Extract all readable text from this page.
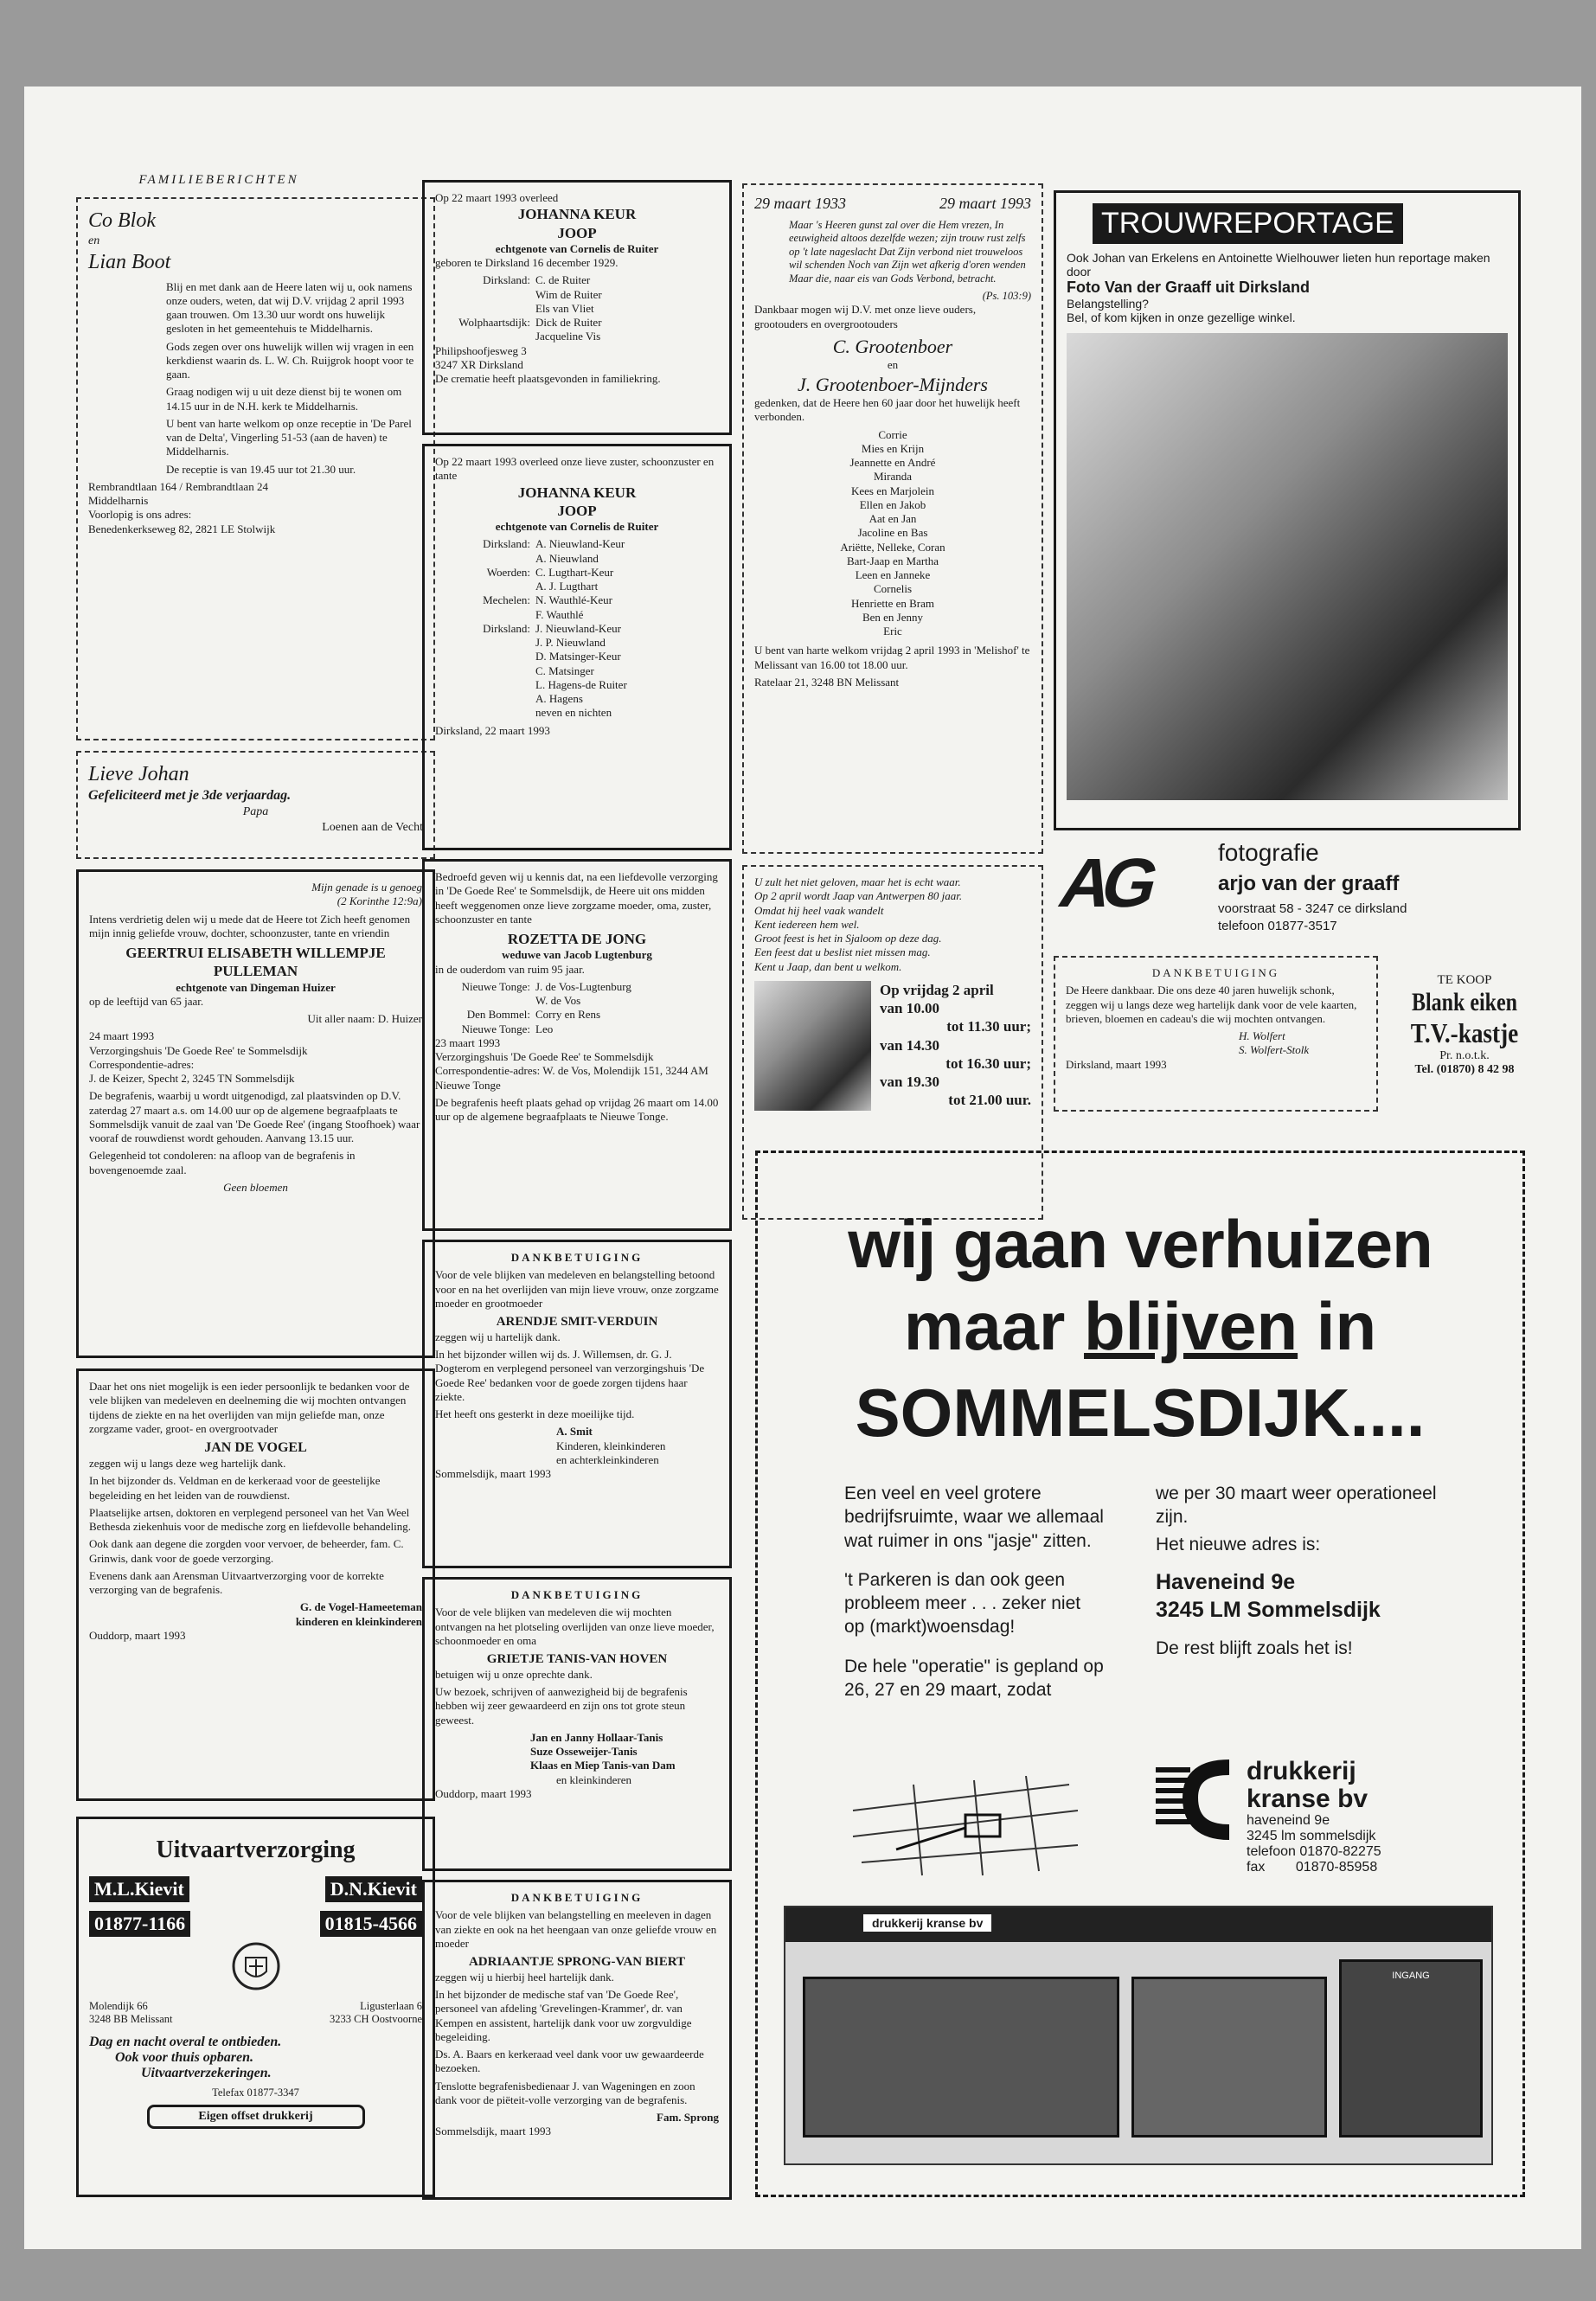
FAMILIEBERICHTEN
Co Blok
en
Lian Boot

Blij en met dank aan de Heere laten wij u, ook namens onze ouders, weten, dat wij D.V. vrijdag 2 april 1993 gaan trouwen. Om 13.30 uur wordt ons huwelijk gesloten in het gemeentehuis te Middelharnis.

Gods zegen over ons huwelijk willen wij vragen in een kerkdienst waarin ds. L. W. Ch. Ruijgrok hoopt voor te gaan.

Graag nodigen wij u uit deze dienst bij te wonen om 14.15 uur in de N.H. kerk te Middelharnis.

U bent van harte welkom op onze receptie in 'De Parel van de Delta', Vingerling 51-53 (aan de haven) te Middelharnis.

De receptie is van 19.45 uur tot 21.30 uur.

Rembrandtlaan 164 / Rembrandtlaan 24
Middelharnis
Voorlopig is ons adres:
Benedenkerkseweg 82, 2821 LE Stolwijk
Lieve Johan
Gefeliciteerd met je 3de verjaardag.
Papa
Loenen aan de Vecht
Mijn genade is u genoeg
(2 Korinthe 12:9a)

Intens verdrietig delen wij u mede dat de Heere tot Zich heeft genomen mijn innig geliefde vrouw, dochter, schoonzuster, tante en vriendin

GEERTRUI ELISABETH WILLEMPJE PULLEMAN
echtgenote van Dingeman Huizer

op de leeftijd van 65 jaar.

Uit aller naam: D. Huizer

24 maart 1993
Verzorgingshuis 'De Goede Ree' te Sommelsdijk
Correspondentie-adres:

J. de Keizer, Specht 2, 3245 TN Sommelsdijk

De begrafenis, waarbij u wordt uitgenodigd, zal plaatsvinden op D.V. zaterdag 27 maart a.s. om 14.00 uur op de algemene begraafplaats te Sommelsdijk vanuit de zaal van 'De Goede Ree' (ingang Stoofhoek) waar vooraf de rouwdienst wordt gehouden. Aanvang 13.15 uur.

Gelegenheid tot condoleren: na afloop van de begrafenis in bovengenoemde zaal.

Geen bloemen

Daar het ons niet mogelijk is een ieder persoonlijk te bedanken voor de vele blijken van medeleven en deelneming die wij mochten ontvangen tijdens de ziekte en na het overlijden van mijn geliefde man, onze zorgzame vader, groot- en overgrootvader

JAN DE VOGEL

zeggen wij u langs deze weg hartelijk dank.

In het bijzonder ds. Veldman en de kerkeraad voor de geestelijke begeleiding en het leiden van de rouwdienst.

Plaatselijke artsen, doktoren en verplegend personeel van het Van Weel Bethesda ziekenhuis voor de medische zorg en liefdevolle behandeling.

Ook dank aan degene die zorgden voor vervoer, de beheerder, fam. C. Grinwis, dank voor de goede verzorging.

Evenens dank aan Arensman Uitvaartverzorging voor de korrekte verzorging van de begrafenis.

G. de Vogel-Hameeteman
kinderen en kleinkinderen
Ouddorp, maart 1993
Uitvaartverzorging
M.L.Kievit	D.N.Kievit
01877-1166	01815-4566
Molendijk 66
3248 BB Melissant
Ligusterlaan 6
3233 CH Oostvoorne
Dag en nacht overal te ontbieden.
Ook voor thuis opbaren.
Uitvaartverzekeringen.
Telefax 01877-3347
Eigen offset drukkerij
Op 22 maart 1993 overleed
JOHANNA KEUR
JOOP
echtgenote van Cornelis de Ruiter
geboren te Dirksland 16 december 1929.
Dirksland: C. de Ruiter
Wim de Ruiter
Els van Vliet
Wolphaartsdijk: Dick de Ruiter
Jacqueline Vis
Philipshoofjesweg 3
3247 XR Dirksland
De crematie heeft plaatsgevonden in familiekring.
Op 22 maart 1993 overleed onze lieve zuster, schoonzuster en tante
JOHANNA KEUR
JOOP
echtgenote van Cornelis de Ruiter
Dirksland: A. Nieuwland-Keur
A. Nieuwland
Woerden: C. Lugthart-Keur
A. J. Lugthart
Mechelen: N. Wauthlé-Keur
F. Wauthlé
Dirksland: J. Nieuwland-Keur
J. P. Nieuwland
D. Matsinger-Keur
C. Matsinger
L. Hagens-de Ruiter
A. Hagens
neven en nichten
Dirksland, 22 maart 1993

Bedroefd geven wij u kennis dat, na een liefdevolle verzorging in 'De Goede Ree' te Sommelsdijk, de Heere uit ons midden heeft weggenomen onze lieve zorgzame moeder, oma, zuster, schoonzuster en tante

ROZETTA DE JONG
weduwe van Jacob Lugtenburg

in de ouderdom van ruim 95 jaar.

Nieuwe Tonge: J. de Vos-Lugtenburg
W. de Vos
Den Bommel: Corry en Rens
Nieuwe Tonge: Leo
23 maart 1993
Verzorgingshuis 'De Goede Ree' te Sommelsdijk

Correspondentie-adres: W. de Vos, Molendijk 151, 3244 AM Nieuwe Tonge

De begrafenis heeft plaats gehad op vrijdag 26 maart om 14.00 uur op de algemene begraafplaats te Nieuwe Tonge.

DANKBETUIGING

Voor de vele blijken van medeleven en belangstelling betoond voor en na het overlijden van mijn lieve vrouw, onze zorgzame moeder en grootmoeder

ARENDJE SMIT-VERDUIN

zeggen wij u hartelijk dank.

In het bijzonder willen wij ds. J. Willemsen, dr. G. J. Dogterom en verplegend personeel van verzorgingshuis 'De Goede Ree' bedanken voor de goede zorgen tijdens haar ziekte.

Het heeft ons gesterkt in deze moeilijke tijd.

A. Smit
Kinderen, kleinkinderen
en achterkleinkinderen
Sommelsdijk, maart 1993
DANKBETUIGING

Voor de vele blijken van medeleven die wij mochten ontvangen na het plotseling overlijden van onze lieve moeder, schoonmoeder en oma

GRIETJE TANIS-VAN HOVEN

betuigen wij u onze oprechte dank.

Uw bezoek, schrijven of aanwezigheid bij de begrafenis hebben wij zeer gewaardeerd en zijn ons tot grote steun geweest.

Jan en Janny Hollaar-Tanis
Suze Osseweijer-Tanis
Klaas en Miep Tanis-van Dam
en kleinkinderen
Ouddorp, maart 1993
DANKBETUIGING

Voor de vele blijken van belangstelling en meeleven in dagen van ziekte en ook na het heengaan van onze geliefde vrouw en moeder

ADRIAANTJE SPRONG-VAN BIERT

zeggen wij u hierbij heel hartelijk dank.

In het bijzonder de medische staf van 'De Goede Ree', personeel van afdeling 'Grevelingen-Krammer', dr. van Kempen en assistent, hartelijk dank voor uw zorgvuldige begeleiding.

Ds. A. Baars en kerkeraad veel dank voor uw gewaardeerde bezoeken.

Tenslotte begrafenisbedienaar J. van Wageningen en zoon dank voor de piëteit-volle verzorging van de begrafenis.

Fam. Sprong
Sommelsdijk, maart 1993
29 maart 1933	29 maart 1993

Maar 's Heeren gunst zal over die Hem vrezen, In eeuwigheid altoos dezelfde wezen; zijn trouw rust zelfs op 't late nageslacht Dat Zijn verbond niet trouweloos wil schenden Noch van Zijn wet afkerig d'oren wenden Maar die, naar eis van Gods Verbond, betracht.

(Ps. 103:9)

Dankbaar mogen wij D.V. met onze lieve ouders, grootouders en overgrootouders

C. Grootenboer
en
J. Grootenboer-Mijnders

gedenken, dat de Heere hen 60 jaar door het huwelijk heeft verbonden.

Corrie
Mies en Krijn
Jeannette en André
Miranda
Kees en Marjolein
Ellen en Jakob
Aat en Jan
Jacoline en Bas
Ariëtte, Nelleke, Coran
Bart-Jaap en Martha
Leen en Janneke
Cornelis
Henriette en Bram
Ben en Jenny
Eric

U bent van harte welkom vrijdag 2 april 1993 in 'Melishof' te Melissant van 16.00 tot 18.00 uur.

Ratelaar 21, 3248 BN Melissant
U zult het niet geloven, maar het is echt waar.
Op 2 april wordt Jaap van Antwerpen 80 jaar.
Omdat hij heel vaak wandelt
Kent iedereen hem wel.
Groot feest is het in Sjaloom op deze dag.
Een feest dat u beslist niet missen mag.
Kent u Jaap, dan bent u welkom.
Op vrijdag 2 april
van 10.00
tot 11.30 uur;
van 14.30
tot 16.30 uur;
van 19.30
tot 21.00 uur.
TROUWREPORTAGE
Ook Johan van Erkelens en Antoinette Wielhouwer lieten hun reportage maken door
Foto Van der Graaff uit Dirksland
Belangstelling?
Bel, of kom kijken in onze gezellige winkel.
AG fotografie
arjo van der graaff
voorstraat 58 - 3247 ce dirksland
telefoon 01877-3517
DANKBETUIGING

De Heere dankbaar. Die ons deze 40 jaren huwelijk schonk, zeggen wij u langs deze weg hartelijk dank voor de vele kaarten, brieven, bloemen en cadeau's die wij mochten ontvangen.

H. Wolfert
S. Wolfert-Stolk
Dirksland, maart 1993
TE KOOP
Blank eiken
T.V.-kastje
Pr. n.o.t.k.
Tel. (01870) 8 42 98
wij gaan verhuizen
maar blijven in
SOMMELSDIJK....

Een veel en veel grotere bedrijfsruimte, waar we allemaal wat ruimer in ons "jasje" zitten.

't Parkeren is dan ook geen probleem meer . . . zeker niet op (markt)woensdag!

De hele "operatie" is gepland op 26, 27 en 29 maart, zodat

we per 30 maart weer operationeel zijn.

Het nieuwe adres is:

Haveneind 9e
3245 LM Sommelsdijk

De rest blijft zoals het is!

drukkerij
kranse bv
haveneind 9e
3245 lm sommelsdijk
telefoon 01870-82275
fax        01870-85958
drukkerij kranse bv
INGANG
